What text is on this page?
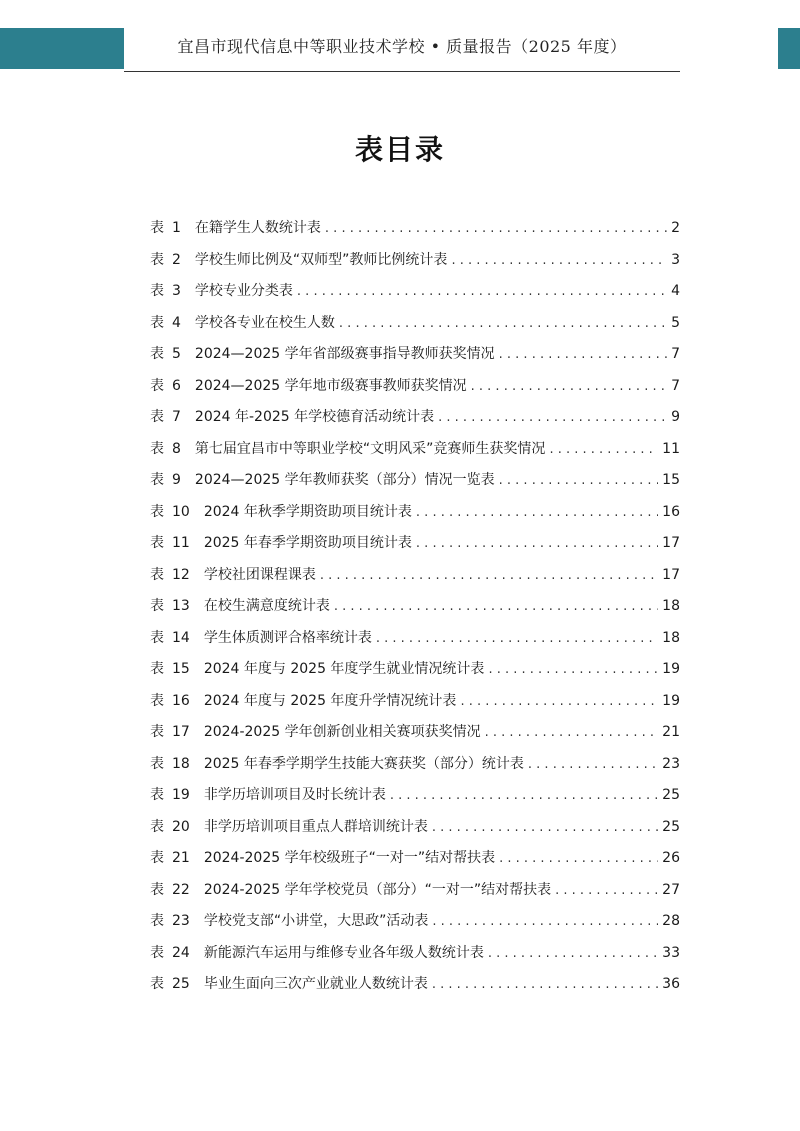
宜昌市现代信息中等职业技术学校 • 质量报告（2025 年度）
表目录
表 1 在籍学生人数统计表 . . .	2
表 2 学校生师比例及“双师型”教师比例统计表 . . .	3
表 3 学校专业分类表 . . .	4
表 4 学校各专业在校生人数 . . .	5
表 5 2024—2025 学年省部级赛事指导教师获奖情况 . . .	7
表 6 2024—2025 学年地市级赛事教师获奖情况 . . .	7
表 7 2024 年-2025 年学校德育活动统计表 . . .	9
表 8 第七届宜昌市中等职业学校“文明风采”竞赛师生获奖情况 . . .	11
表 9 2024—2025 学年教师获奖（部分）情况一览表 . . .	15
表 10 2024 年秋季学期资助项目统计表 . . .	16
表 11 2025 年春季学期资助项目统计表 . . .	17
表 12 学校社团课程课表 . . .	17
表 13 在校生满意度统计表 . . .	18
表 14 学生体质测评合格率统计表 . . .	18
表 15 2024 年度与 2025 年度学生就业情况统计表 . . .	19
表 16 2024 年度与 2025 年度升学情况统计表 . . .	19
表 17 2024-2025 学年创新创业相关赛项获奖情况 . . .	21
表 18 2025 年春季学期学生技能大赛获奖（部分）统计表 . . .	23
表 19 非学历培训项目及时长统计表 . . .	25
表 20 非学历培训项目重点人群培训统计表 . . .	25
表 21 2024-2025 学年校级班子“一对一”结对帮扶表 . . .	26
表 22 2024-2025 学年学校党员（部分）“一对一”结对帮扶表 . . .	27
表 23 学校党支部“小讲堂，大思政”活动表 . . .	28
表 24 新能源汽车运用与维修专业各年级人数统计表 . . .	33
表 25 毕业生面向三次产业就业人数统计表 . . .	36
